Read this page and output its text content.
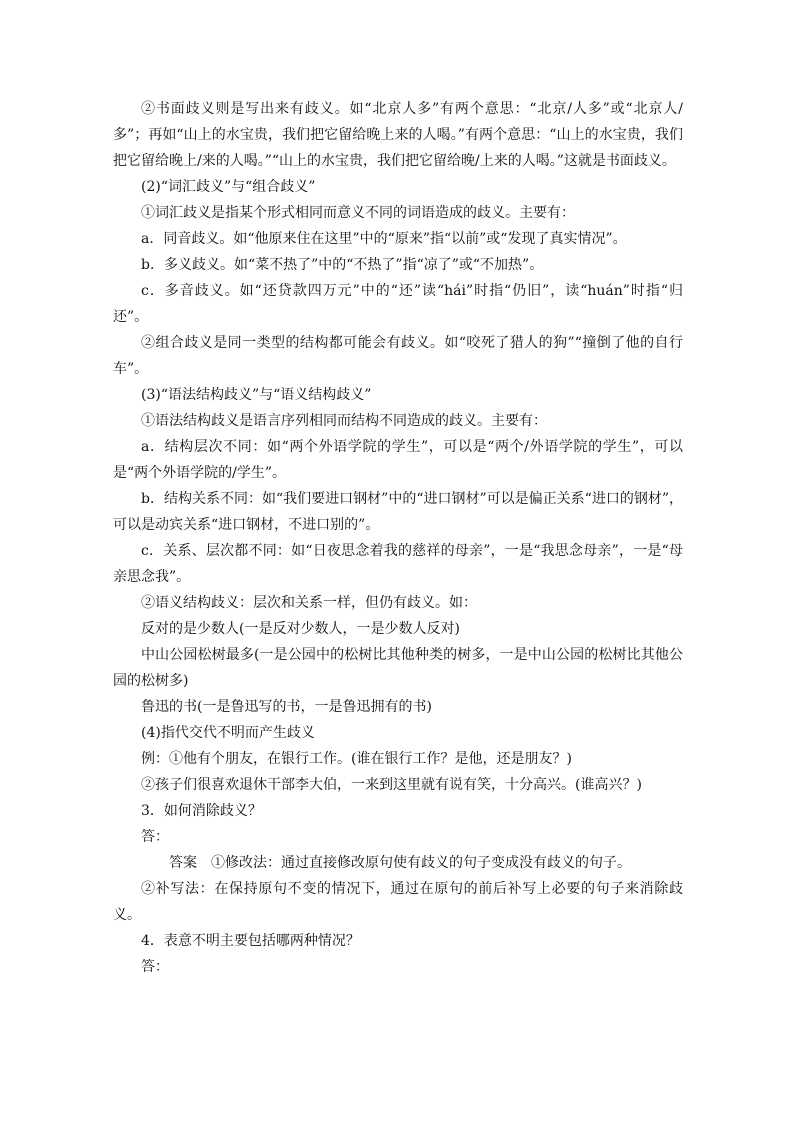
②书面歧义则是写出来有歧义。如“北京人多”有两个意思：“北京/人多”或“北京人/多”；再如“山上的水宝贵，我们把它留给晚上来的人喝。”有两个意思：“山上的水宝贵，我们把它留给晚上/来的人喝。”“山上的水宝贵，我们把它留给晚/上来的人喝。”这就是书面歧义。

(2)“词汇歧义”与“组合歧义”

①词汇歧义是指某个形式相同而意义不同的词语造成的歧义。主要有：

a．同音歧义。如“他原来住在这里”中的“原来”指“以前”或“发现了真实情况”。

b．多义歧义。如“菜不热了”中的“不热了”指“凉了”或“不加热”。

c．多音歧义。如“还贷款四万元”中的“还”读“hái”时指“仍旧”，读“huán”时指“归还”。

②组合歧义是同一类型的结构都可能会有歧义。如“咬死了猎人的狗”“撞倒了他的自行车”。

(3)“语法结构歧义”与“语义结构歧义”

①语法结构歧义是语言序列相同而结构不同造成的歧义。主要有：

a．结构层次不同：如“两个外语学院的学生”，可以是“两个/外语学院的学生”，可以是“两个外语学院的/学生”。

b．结构关系不同：如“我们要进口钢材”中的“进口钢材”可以是偏正关系“进口的钢材”，可以是动宾关系“进口钢材，不进口别的”。

c．关系、层次都不同：如“日夜思念着我的慈祥的母亲”，一是“我思念母亲”，一是“母亲思念我”。

②语义结构歧义：层次和关系一样，但仍有歧义。如：

反对的是少数人(一是反对少数人，一是少数人反对)

中山公园松树最多(一是公园中的松树比其他种类的树多，一是中山公园的松树比其他公园的松树多)

鲁迅的书(一是鲁迅写的书，一是鲁迅拥有的书)

(4)指代交代不明而产生歧义

例：①他有个朋友，在银行工作。(谁在银行工作？是他，还是朋友？)

②孩子们很喜欢退休干部李大伯，一来到这里就有说有笑，十分高兴。(谁高兴？)

3．如何消除歧义？

答：

答案 ①修改法：通过直接修改原句使有歧义的句子变成没有歧义的句子。

②补写法：在保持原句不变的情况下，通过在原句的前后补写上必要的句子来消除歧义。

4．表意不明主要包括哪两种情况？

答：
